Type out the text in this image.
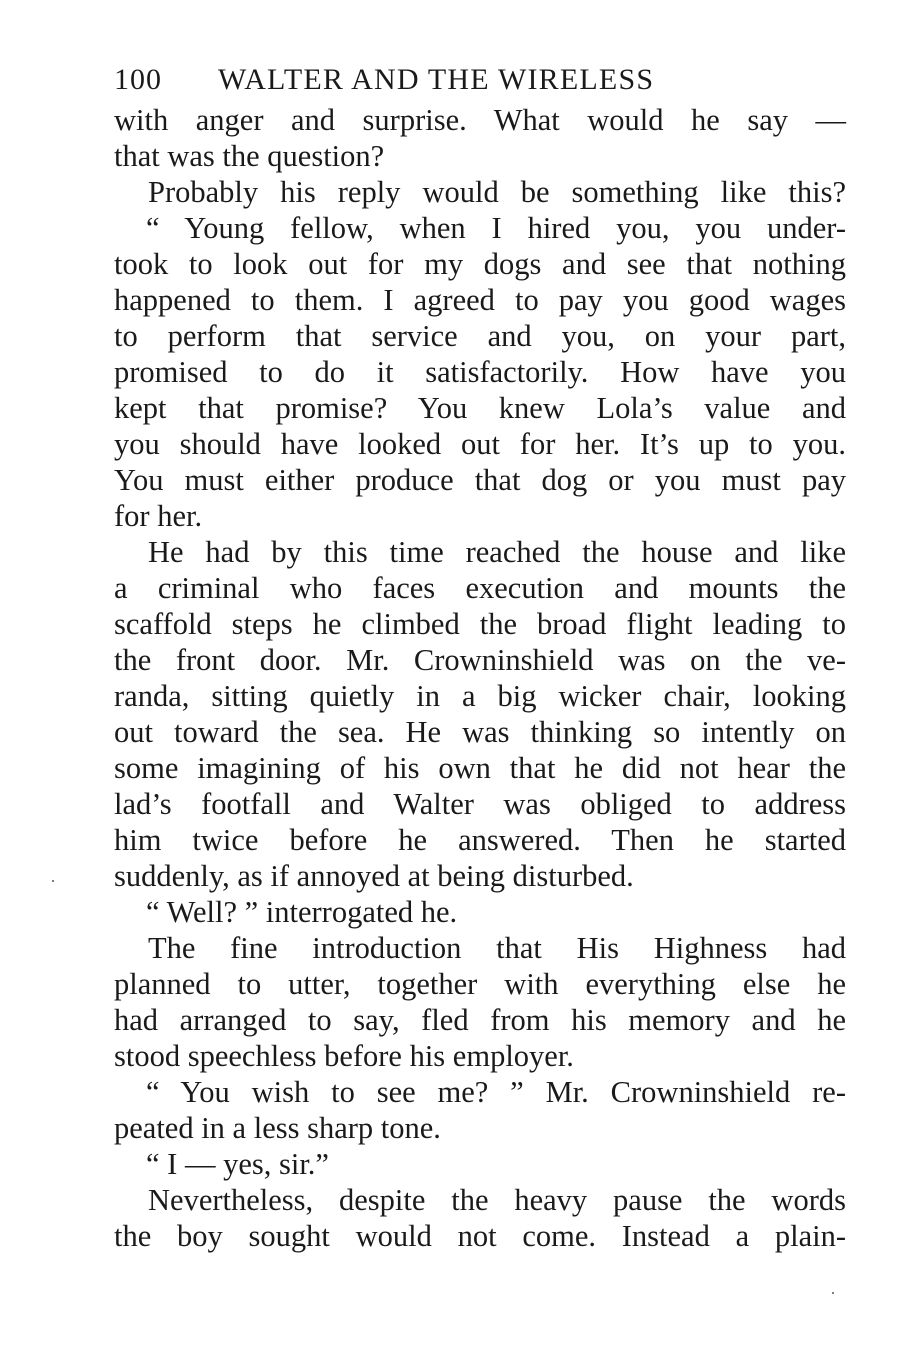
100 WALTER AND THE WIRELESS
with anger and surprise. What would he say —
that was the question?
Probably his reply would be something like this?
“ Young fellow, when I hired you, you under-
took to look out for my dogs and see that nothing
happened to them. I agreed to pay you good wages
to perform that service and you, on your part,
promised to do it satisfactorily. How have you
kept that promise? You knew Lola’s value and
you should have looked out for her. It’s up to you.
You must either produce that dog or you must pay
for her.
He had by this time reached the house and like
a criminal who faces execution and mounts the
scaffold steps he climbed the broad flight leading to
the front door. Mr. Crowninshield was on the ve-
randa, sitting quietly in a big wicker chair, looking
out toward the sea. He was thinking so intently on
some imagining of his own that he did not hear the
lad’s footfall and Walter was obliged to address
him twice before he answered. Then he started
suddenly, as if annoyed at being disturbed.
“ Well? ” interrogated he.
The fine introduction that His Highness had
planned to utter, together with everything else he
had arranged to say, fled from his memory and he
stood speechless before his employer.
“ You wish to see me? ” Mr. Crowninshield re-
peated in a less sharp tone.
“ I — yes, sir.”
Nevertheless, despite the heavy pause the words
the boy sought would not come. Instead a plain-
